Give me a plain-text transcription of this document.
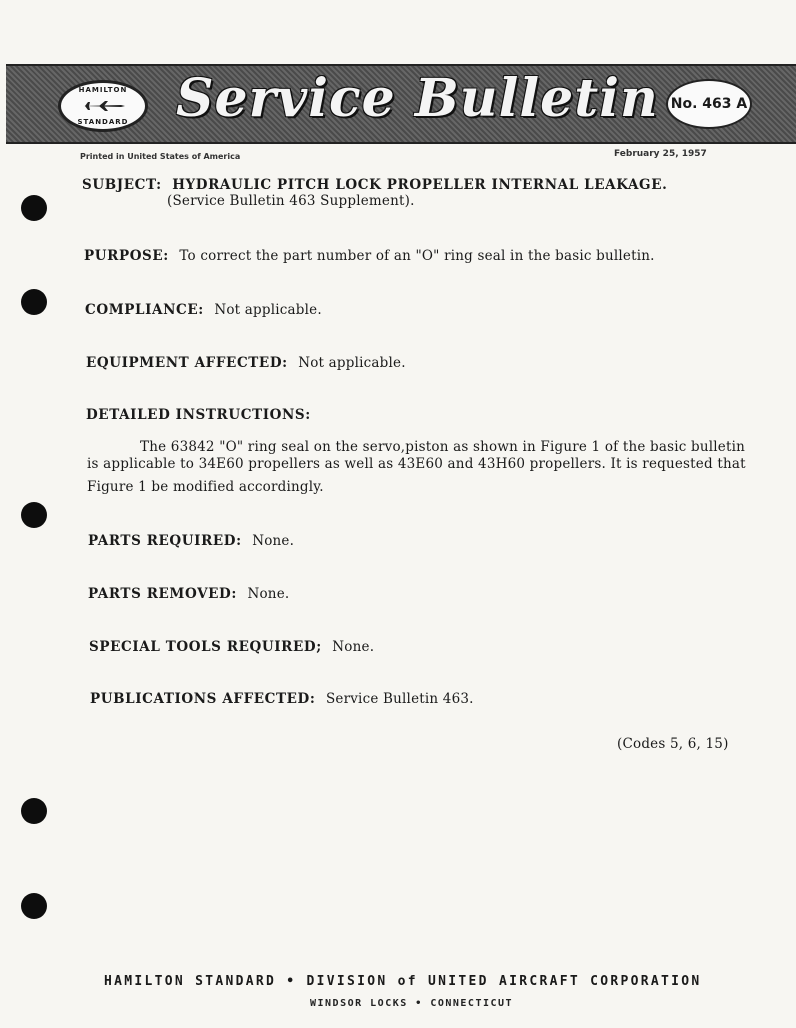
HAMILTON
STANDARD Service Bulletin No. 463 A
Printed in United States of America	February 25, 1957
SUBJECT: HYDRAULIC PITCH LOCK PROPELLER INTERNAL LEAKAGE.
(Service Bulletin 463 Supplement).
PURPOSE: To correct the part number of an "O" ring seal in the basic bulletin.
COMPLIANCE: Not applicable.
EQUIPMENT AFFECTED: Not applicable.
DETAILED INSTRUCTIONS:
The 63842 "O" ring seal on the servo,piston as shown in Figure 1 of the basic bulletin
is applicable to 34E60 propellers as well as 43E60 and 43H60 propellers. It is requested that
Figure 1 be modified accordingly.
PARTS REQUIRED: None.
PARTS REMOVED: None.
SPECIAL TOOLS REQUIRED; None.
PUBLICATIONS AFFECTED: Service Bulletin 463.
(Codes 5, 6, 15)
HAMILTON STANDARD • DIVISION of UNITED AIRCRAFT CORPORATION
WINDSOR LOCKS • CONNECTICUT
